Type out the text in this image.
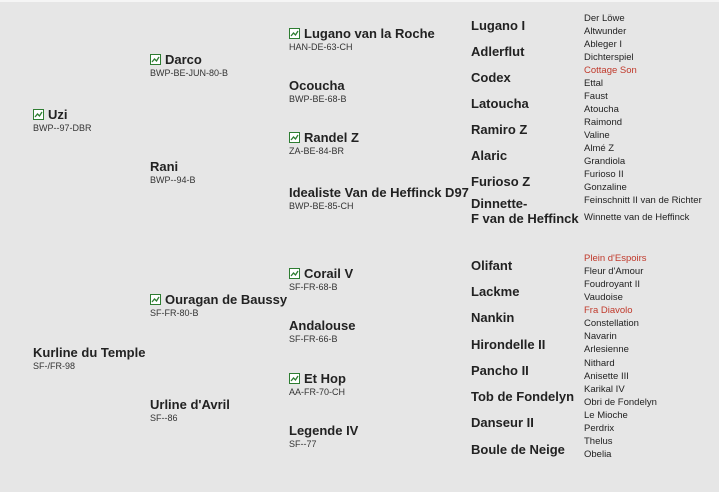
Uzi
BWP--97-DBR
Kurline du Temple
SF-/FR-98
Darco
BWP-BE-JUN-80-B
Rani
BWP--94-B
Ouragan de Baussy
SF-FR-80-B
Urline d'Avril
SF--86
Lugano van la Roche
HAN-DE-63-CH
Ocoucha
BWP-BE-68-B
Randel Z
ZA-BE-84-BR
Idealiste Van de Heffinck D97
BWP-BE-85-CH
Corail V
SF-FR-68-B
Andalouse
SF-FR-66-B
Et Hop
AA-FR-70-CH
Legende IV
SF--77
Lugano I
Adlerflut
Codex
Latoucha
Ramiro Z
Alaric
Furioso Z
Dinnette-
F van de Heffinck
Olifant
Lackme
Nankin
Hirondelle II
Pancho II
Tob de Fondelyn
Danseur II
Boule de Neige
Der Löwe
Altwunder
Ableger I
Dichterspiel
Cottage Son
Ettal
Faust
Atoucha
Raimond
Valine
Almé Z
Grandiola
Furioso II
Gonzaline
Feinschnitt II van de Richter
Winnette van de Heffinck
Plein d'Espoirs
Fleur d'Amour
Foudroyant II
Vaudoise
Fra Diavolo
Constellation
Navarin
Arlesienne
Nithard
Anisette III
Karikal IV
Obri de Fondelyn
Le Mioche
Perdrix
Thelus
Obelia
